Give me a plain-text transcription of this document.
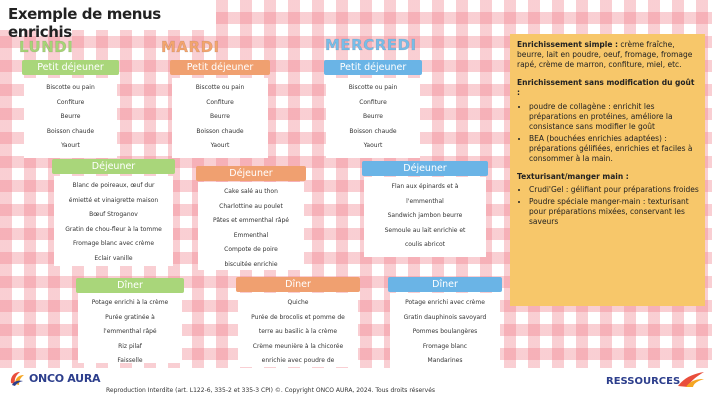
Exemple de menus enrichis
LUNDI
Petit déjeuner
Biscotte ou pain
Confiture
Beurre
Boisson chaude
Yaourt
Déjeuner
Blanc de poireaux, œuf dur
émietté et vinaigrette maison
Bœuf Stroganov
Gratin de chou-fleur à la tomme
Fromage blanc avec crème
Eclair vanille
Dîner
Potage enrichi à la crème
Purée gratinée à
l'emmenthal râpé
Riz pilaf
Faisselle
MARDI
Petit déjeuner
Biscotte ou pain
Confiture
Beurre
Boisson chaude
Yaourt
Déjeuner
Cake salé au thon
Charlottine au poulet
Pâtes et emmenthal râpé
Emmenthal
Compote de poire
biscuitée enrichie
Dîner
Quiche
Purée de brocolis et pomme de
terre au basilic à la crème
Crème meunière à la chicorée
enrichie avec poudre de
MERCREDI
Petit déjeuner
Biscotte ou pain
Confiture
Beurre
Boisson chaude
Yaourt
Déjeuner
Flan aux épinards et à
l'emmenthal
Sandwich jambon beurre
Semoule au lait enrichie et
coulis abricot
Dîner
Potage enrichi avec crème
Gratin dauphinois savoyard
Pommes boulangères
Fromage blanc
Mandarines

Enrichissement simple : crème fraîche, beurre, lait en poudre, oeuf, fromage, fromage rapé, crème de marron, confiture, miel, etc.

Enrichissement sans modification du goût :

• poudre de collagène : enrichit les préparations en protéines, améliore la consistance sans modifier le goût
• BEA (bouchées enrichies adaptées) : préparations gélifiées, enrichies et faciles à consommer à la main.

Texturisant/manger main :

• Crudi'Gel : gélifiant pour préparations froides
• Poudre spéciale manger-main : texturisant pour préparations mixées, conservant les saveurs
ONCO AURA
Reproduction Interdite (art. L122-6, 335-2 et 335-3 CPI) ©. Copyright ONCO AURA, 2024. Tous droits réservés
RESSOURCES
